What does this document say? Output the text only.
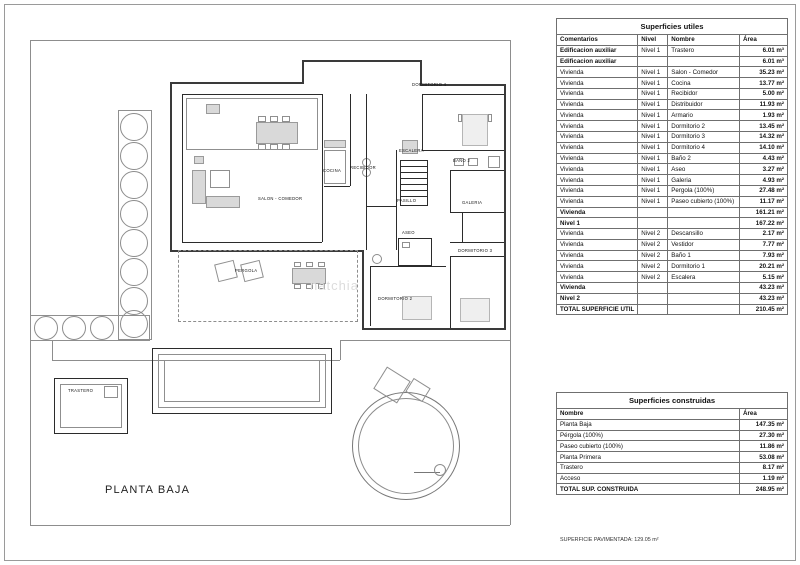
PLANTA BAJA
DORMITORIO 4
BAÑO 2
GALERIA
ESCALERA
RECIBIDOR
COCINA
PASILLO
ASEO
SALON - COMEDOR
PERGOLA
DORMITORIO 3
DORMITORIO 2
TRASTERO
hatchia
Superficies utiles			
Comentarios	Nivel	Nombre	Área
Edificacion auxiliar	Nivel 1	Trastero	6.01 m³
Edificacion auxiliar			6.01 m³
Vivienda	Nivel 1	Salon - Comedor	35.23 m²
Vivienda	Nivel 1	Cocina	13.77 m²
Vivienda	Nivel 1	Recibidor	5.00 m²
Vivienda	Nivel 1	Distribuidor	11.93 m²
Vivienda	Nivel 1	Armario	1.93 m²
Vivienda	Nivel 1	Dormitorio 2	13.45 m²
Vivienda	Nivel 1	Dormitorio 3	14.32 m²
Vivienda	Nivel 1	Dormitorio 4	14.10 m²
Vivienda	Nivel 1	Baño 2	4.43 m²
Vivienda	Nivel 1	Aseo	3.27 m²
Vivienda	Nivel 1	Galeria	4.93 m²
Vivienda	Nivel 1	Pergola (100%)	27.48 m²
Vivienda	Nivel 1	Paseo cubierto (100%)	11.17 m²
Vivienda			161.21 m²
Nivel 1			167.22 m²
Vivienda	Nivel 2	Descansillo	2.17 m²
Vivienda	Nivel 2	Vestidor	7.77 m²
Vivienda	Nivel 2	Baño 1	7.93 m²
Vivienda	Nivel 2	Dormitorio 1	20.21 m²
Vivienda	Nivel 2	Escalera	5.15 m²
Vivienda			43.23 m²
Nivel 2			43.23 m²
TOTAL SUPERFICIE UTIL			210.45 m²
Superficies construidas	
Nombre	Área
Planta Baja	147.35 m²
Pérgola (100%)	27.30 m²
Paseo cubierto (100%)	11.86 m²
Planta Primera	53.08 m²
Trastero	8.17 m²
Acceso	1.19 m²
TOTAL SUP. CONSTRUIDA	248.95 m²
SUPERFICIE PAVIMENTADA: 129.05 m²
